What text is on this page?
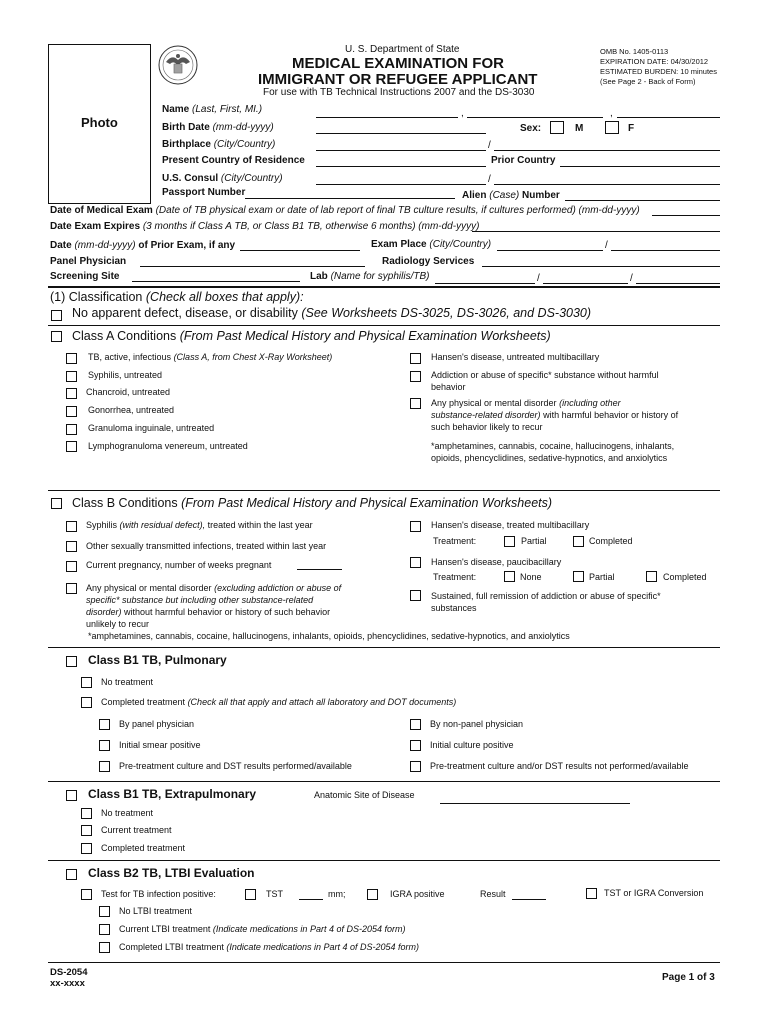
Photo
U. S. Department of State
MEDICAL EXAMINATION FOR
IMMIGRANT OR REFUGEE APPLICANT
For use with TB Technical Instructions 2007 and the DS-3030
OMB No. 1405-0113
EXPIRATION DATE: 04/30/2012
ESTIMATED BURDEN: 10 minutes
(See Page 2 - Back of Form)
Name (Last, First, MI.)	,	,
Birth Date (mm-dd-yyyy)	Sex:	M	F
Birthplace (City/Country)	/
Present Country of Residence	Prior Country
U.S. Consul (City/Country)	/
Passport Number	Alien (Case) Number
Date of Medical Exam (Date of TB physical exam or date of lab report of final TB culture results, if cultures performed) (mm-dd-yyyy)
Date Exam Expires (3 months if Class A TB, or Class B1 TB, otherwise 6 months) (mm-dd-yyyy)
Date (mm-dd-yyyy) of Prior Exam, if any	Exam Place (City/Country)	/
Panel Physician	Radiology Services
Screening Site	Lab (Name for syphilis/TB)	/	/
(1) Classification (Check all boxes that apply):
No apparent defect, disease, or disability (See Worksheets DS-3025, DS-3026, and DS-3030)
Class A Conditions (From Past Medical History and Physical Examination Worksheets)
TB, active, infectious (Class A, from Chest X-Ray Worksheet)
Syphilis, untreated
Chancroid, untreated
Gonorrhea, untreated
Granuloma inguinale, untreated
Lymphogranuloma venereum, untreated
Hansen's disease, untreated multibacillary
Addiction or abuse of specific* substance without harmful
behavior
Any physical or mental disorder (including other
substance-related disorder) with harmful behavior or history of
such behavior likely to recur
*amphetamines, cannabis, cocaine, hallucinogens, inhalants,
opioids, phencyclidines, sedative-hypnotics, and anxiolytics
Class B Conditions (From Past Medical History and Physical Examination Worksheets)
Syphilis (with residual defect), treated within the last year
Other sexually transmitted infections, treated within last year
Current pregnancy, number of weeks pregnant
Any physical or mental disorder (excluding addiction or abuse of
specific* substance but including other substance-related
disorder) without harmful behavior or history of such behavior
unlikely to recur
Hansen's disease, treated multibacillary
Treatment:	Partial	Completed
Hansen's disease, paucibacillary
Treatment:	None	Partial	Completed
Sustained, full remission of addiction or abuse of specific*
substances
*amphetamines, cannabis, cocaine, hallucinogens, inhalants, opioids, phencyclidines, sedative-hypnotics, and anxiolytics
Class B1 TB, Pulmonary
No treatment
Completed treatment (Check all that apply and attach all laboratory and DOT documents)
By panel physician	By non-panel physician
Initial smear positive	Initial culture positive
Pre-treatment culture and DST results performed/available	Pre-treatment culture and/or DST results not performed/available
Class B1 TB, Extrapulmonary	Anatomic Site of Disease
No treatment
Current treatment
Completed treatment
Class B2 TB, LTBI Evaluation
Test for TB infection positive:	TST	mm;	IGRA positive	Result	TST or IGRA Conversion
No LTBI treatment
Current LTBI treatment (Indicate medications in Part 4 of DS-2054 form)
Completed LTBI treatment (Indicate medications in Part 4 of DS-2054 form)
DS-2054
xx-xxxx
Page 1 of 3
